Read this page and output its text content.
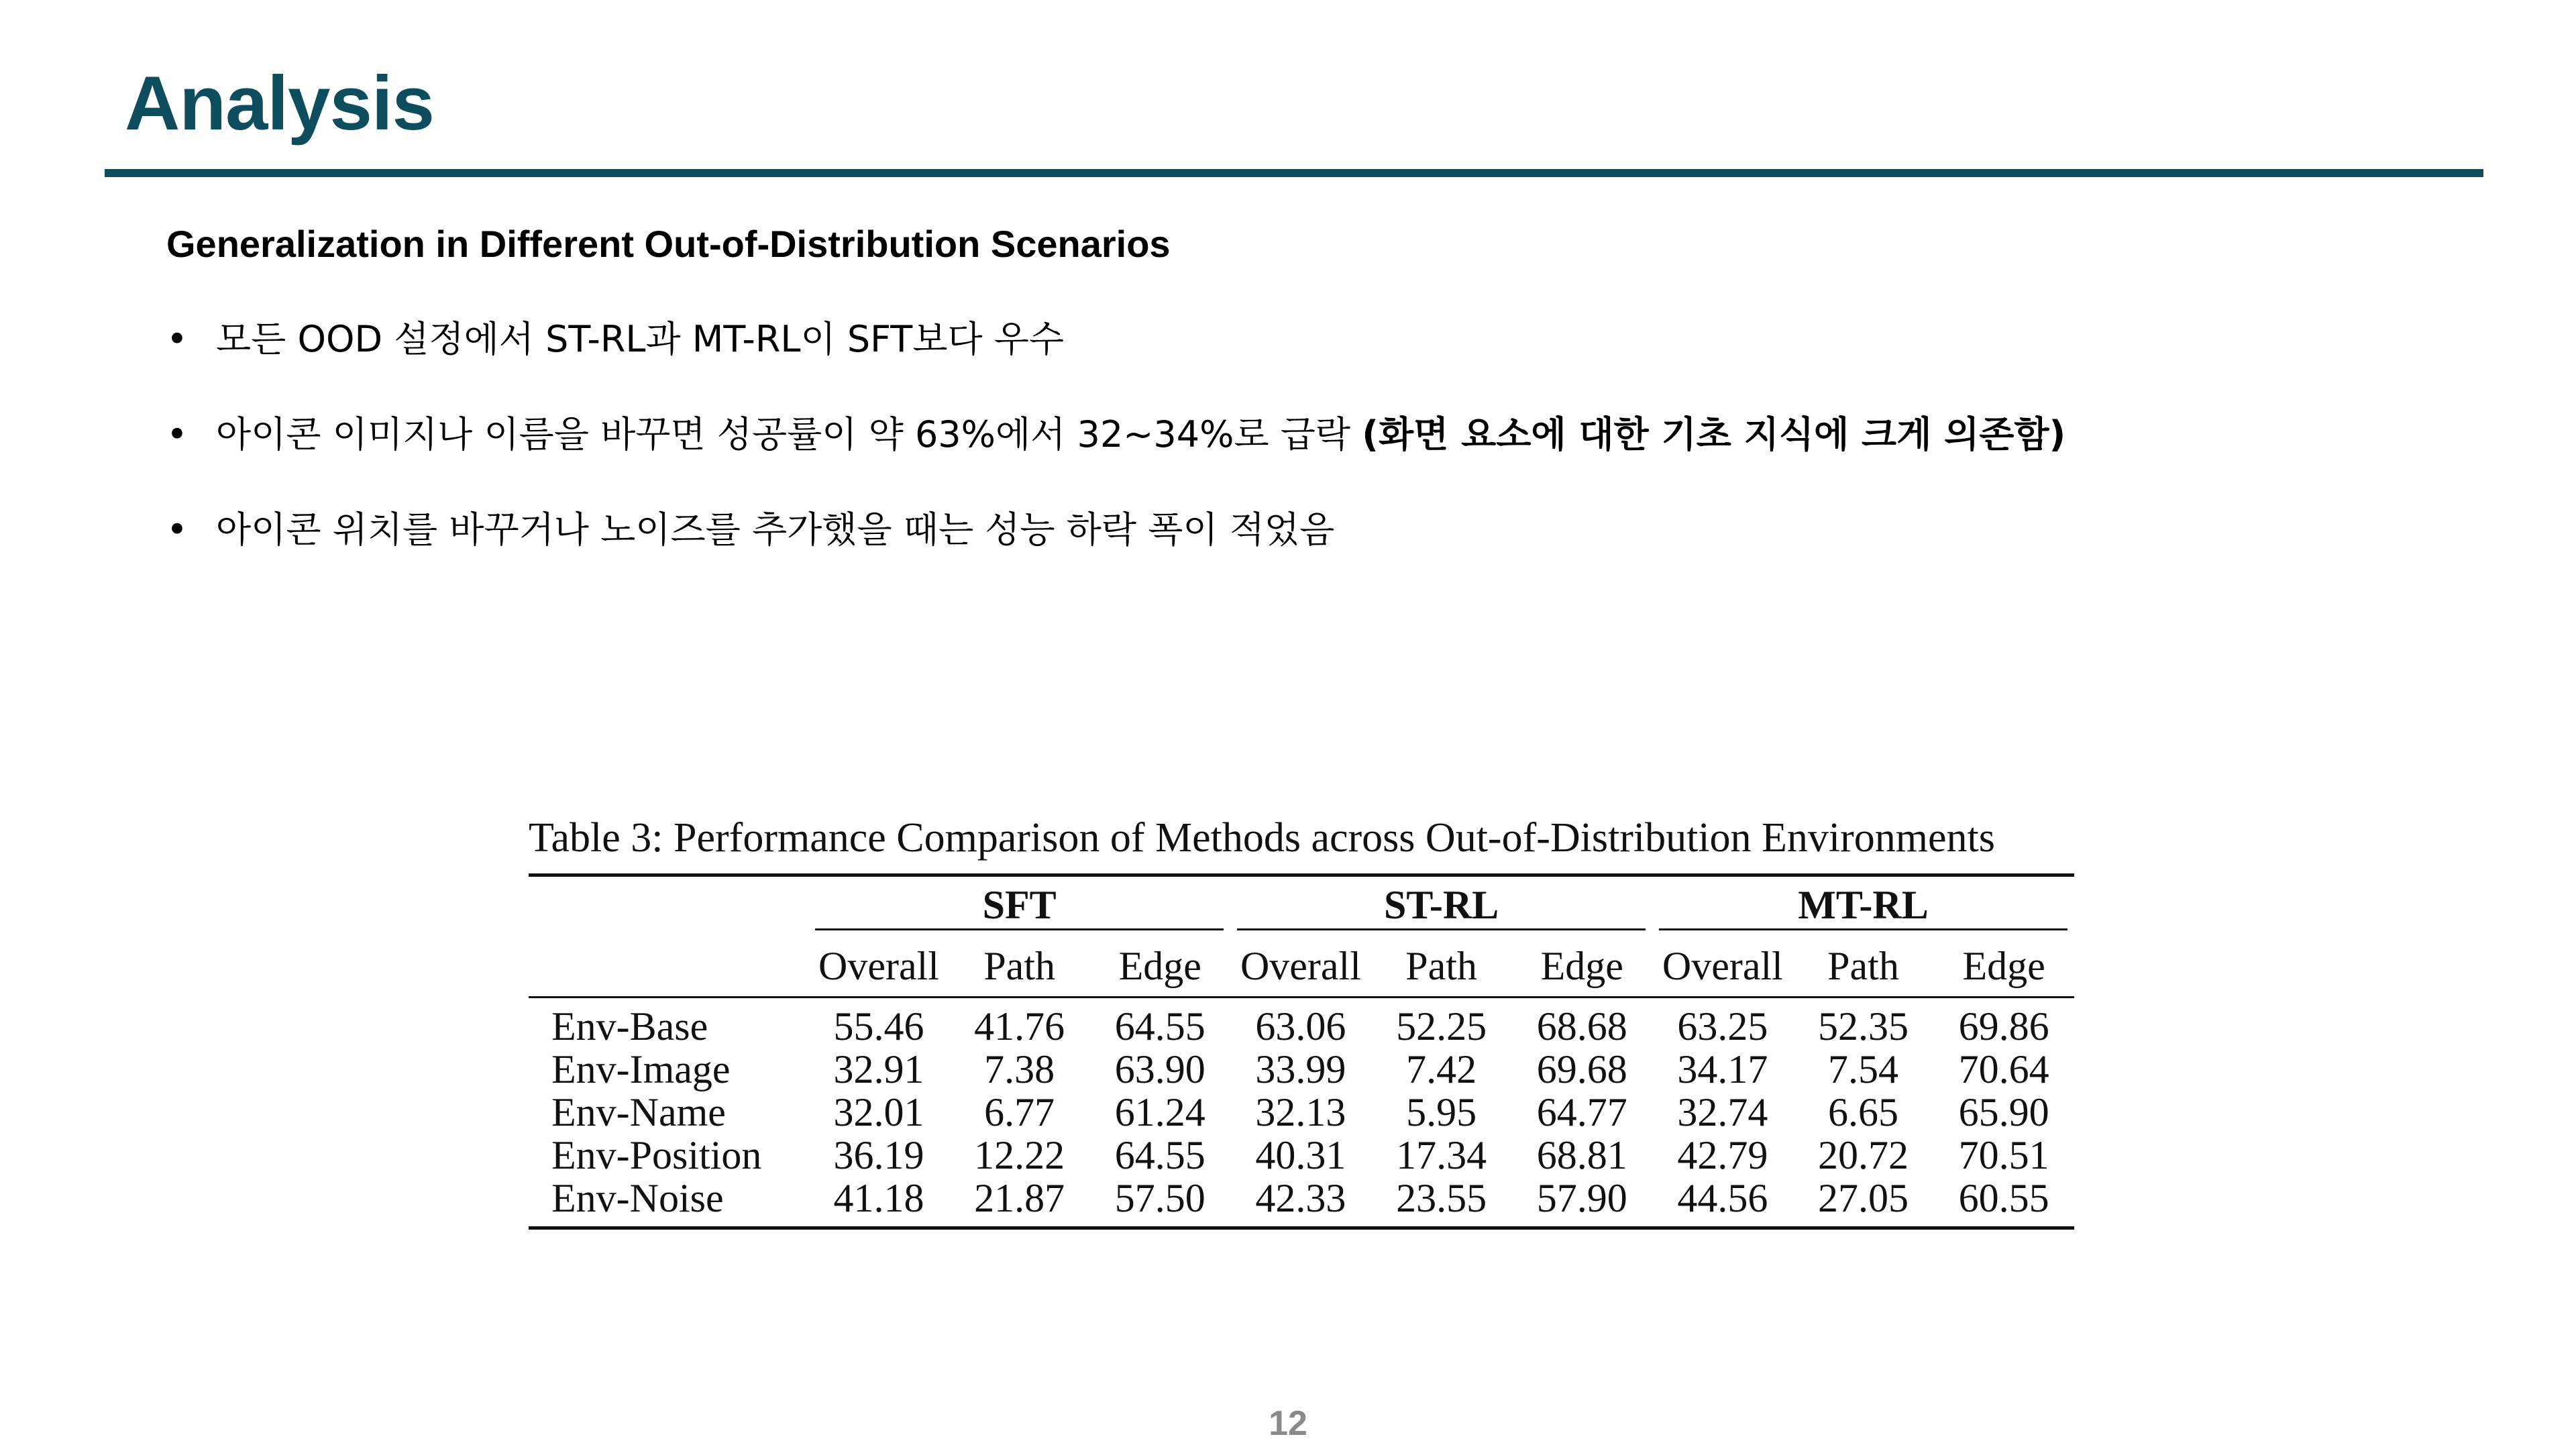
Analysis
Generalization in Different Out-of-Distribution Scenarios
• 모든 OOD 설정에서 ST-RL과 MT-RL이 SFT보다 우수
• 아이콘 이미지나 이름을 바꾸면 성공률이 약 63%에서 32~34%로 급락 (화면 요소에 대한 기초 지식에 크게 의존함)
• 아이콘 위치를 바꾸거나 노이즈를 추가했을 때는 성능 하락 폭이 적었음
Table 3: Performance Comparison of Methods across Out-of-Distribution Environments
	SFT			ST-RL			MT-RL		

	Overall	Path	Edge	Overall	Path	Edge	Overall	Path	Edge

Env-Base	55.46	41.76	64.55	63.06	52.25	68.68	63.25	52.35	69.86
Env-Image	32.91	7.38	63.90	33.99	7.42	69.68	34.17	7.54	70.64
Env-Name	32.01	6.77	61.24	32.13	5.95	64.77	32.74	6.65	65.90
Env-Position	36.19	12.22	64.55	40.31	17.34	68.81	42.79	20.72	70.51
Env-Noise	41.18	21.87	57.50	42.33	23.55	57.90	44.56	27.05	60.55
12
